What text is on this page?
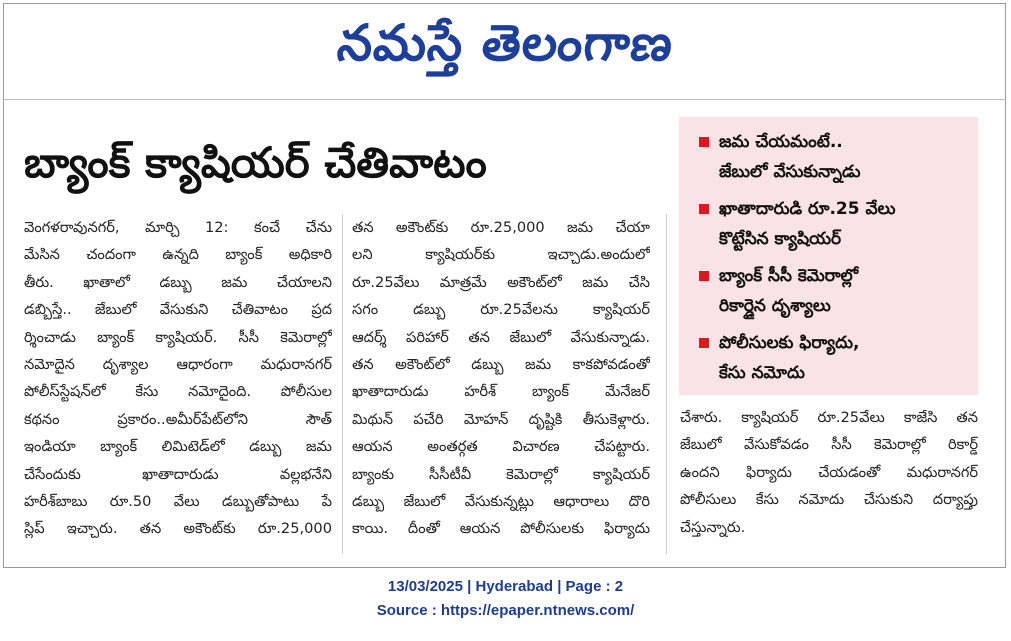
నమస్తే తెలంగాణ
బ్యాంక్ క్యాషియర్ చేతివాటం
వెంగళరావునగర్, మార్చి 12: కంచే చేను
మేసిన చందంగా ఉన్నది బ్యాంక్ అధికారి
తీరు. ఖాతాలో డబ్బు జమ చేయాలని
డబ్బిస్తే.. జేబులో వేసుకుని చేతివాటం ప్రద
ర్శించాడు బ్యాంక్ క్యాషియర్. సీసీ కెమెరాల్లో
నమోదైన దృశ్యాల ఆధారంగా మధురానగర్
పోలీస్‌స్టేషన్‌లో కేసు నమోదైంది. పోలీసుల
కథనం ప్రకారం..అమీర్‌పేట్‌లోని సౌత్
ఇండియా బ్యాంక్ లిమిటెడ్‌లో డబ్బు జమ
చేసేందుకు ఖాతాదారుడు వల్లభనేని
హరీశ్‌బాబు రూ.50 వేలు డబ్బుతోపాటు పే
స్లిప్ ఇచ్చారు. తన అకౌంట్‌కు రూ.25,000
తన అకౌంట్‌కు రూ.25,000 జమ చేయా
లని క్యాషియర్‌కు ఇచ్చాడు.అందులో
రూ.25వేలు మాత్రమే అకౌంట్‌లో జమ చేసి
సగం డబ్బు రూ.25వేలను క్యాషియర్
ఆదర్శ్ పరిహార్ తన జేబులో వేసుకున్నాడు.
తన అకౌంట్‌లో డబ్బు జమ కాకపోవడంతో
ఖాతాదారుడు హరీశ్ బ్యాంక్ మేనేజర్
మిథున్ పచేరి మోహన్ దృష్టికి తీసుకెళ్లారు.
ఆయన అంతర్గత విచారణ చేపట్టారు.
బ్యాంకు సీసీటీవీ కెమెరాల్లో క్యాషియర్
డబ్బు జేబులో వేసుకున్నట్లు ఆధారాలు దొరి
కాయి. దీంతో ఆయన పోలీసులకు ఫిర్యాదు
జమ చేయమంటే..
జేబులో వేసుకున్నాడు
ఖాతాదారుడి రూ.25 వేలు
కొట్టేసిన క్యాషియర్
బ్యాంక్ సీసీ కెమెరాల్లో
రికార్డైన దృశ్యాలు
పోలీసులకు ఫిర్యాదు,
కేసు నమోదు
చేశారు. క్యాషియర్ రూ.25వేలు కాజేసి తన
జేబులో వేసుకోవడం సీసీ కెమెరాల్లో రికార్డ్
ఉందని ఫిర్యాదు చేయడంతో మధురానగర్
పోలీసులు కేసు నమోదు చేసుకుని దర్యాప్తు
చేస్తున్నారు.
13/03/2025 | Hyderabad | Page : 2
Source : https://epaper.ntnews.com/
